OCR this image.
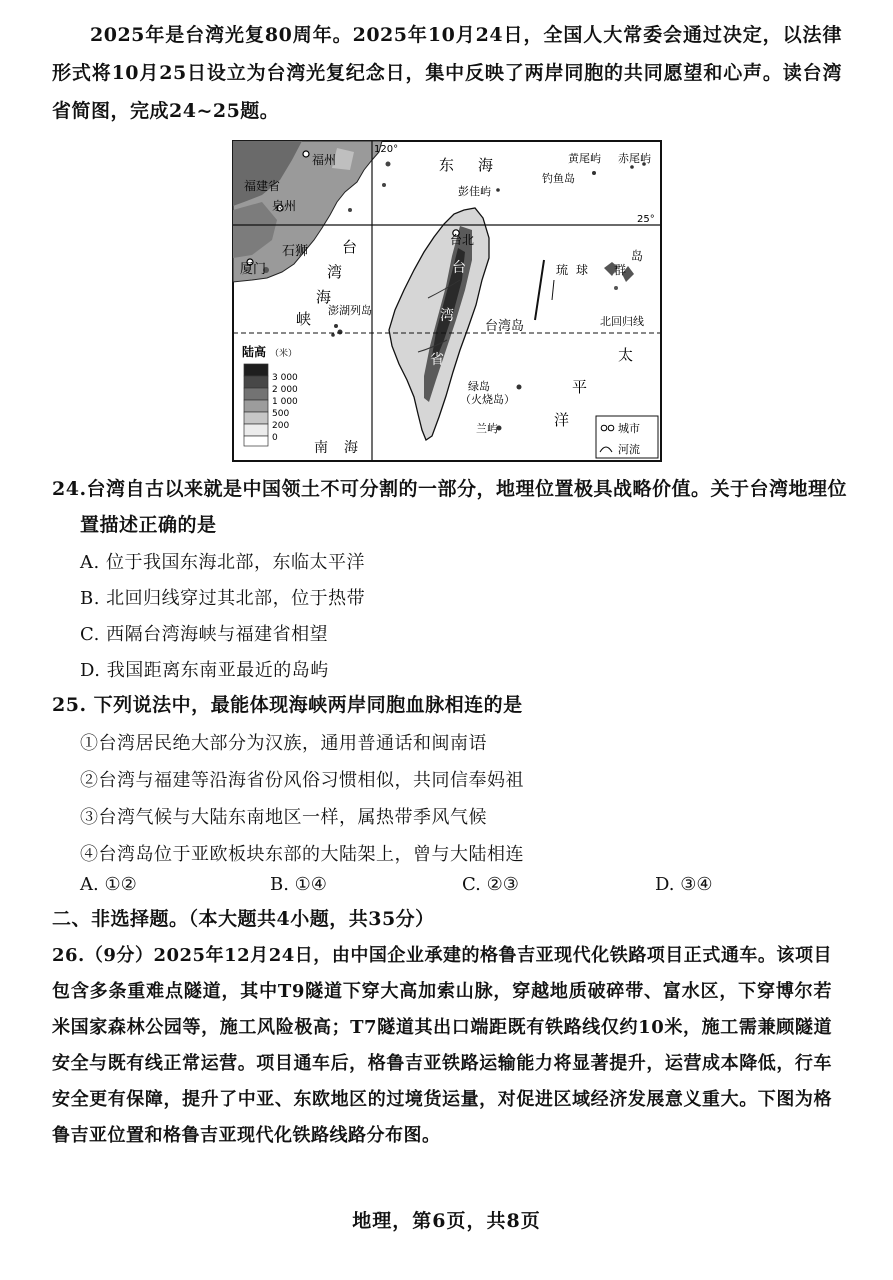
2025年是台湾光复80周年。2025年10月24日，全国人大常委会通过决定，以法律形式将10月25日设立为台湾光复纪念日，集中反映了两岸同胞的共同愿望和心声。读台湾省简图，完成24~25题。
120°
25°
北回归线
福州
福建省
泉州
石狮
厦门
台
湾
海
峡
东 海	黄尾屿 赤尾屿
钓鱼岛
彭佳屿
台北
台
湾
省
台湾岛
澎湖列岛
琉 球 群
岛
太
平
洋
绿岛
（火烧岛）
兰屿
南 海
陆高 （米）
3 000
2 000
1 000
500
200
0
城市
河流
24.台湾自古以来就是中国领土不可分割的一部分，地理位置极具战略价值。关于台湾地理位
置描述正确的是
A. 位于我国东海北部，东临太平洋
B. 北回归线穿过其北部，位于热带
C. 西隔台湾海峡与福建省相望
D. 我国距离东南亚最近的岛屿
25. 下列说法中，最能体现海峡两岸同胞血脉相连的是
①台湾居民绝大部分为汉族，通用普通话和闽南语
②台湾与福建等沿海省份风俗习惯相似，共同信奉妈祖
③台湾气候与大陆东南地区一样，属热带季风气候
④台湾岛位于亚欧板块东部的大陆架上，曾与大陆相连
A. ①②	B. ①④	C. ②③	D. ③④
二、非选择题。（本大题共4小题，共35分）
26.（9分）2025年12月24日，由中国企业承建的格鲁吉亚现代化铁路项目正式通车。该项目包含多条重难点隧道，其中T9隧道下穿大高加索山脉，穿越地质破碎带、富水区，下穿博尔若米国家森林公园等，施工风险极高；T7隧道其出口端距既有铁路线仅约10米，施工需兼顾隧道安全与既有线正常运营。项目通车后，格鲁吉亚铁路运输能力将显著提升，运营成本降低，行车安全更有保障，提升了中亚、东欧地区的过境货运量，对促进区域经济发展意义重大。下图为格鲁吉亚位置和格鲁吉亚现代化铁路线路分布图。
地理，第6页，共8页
